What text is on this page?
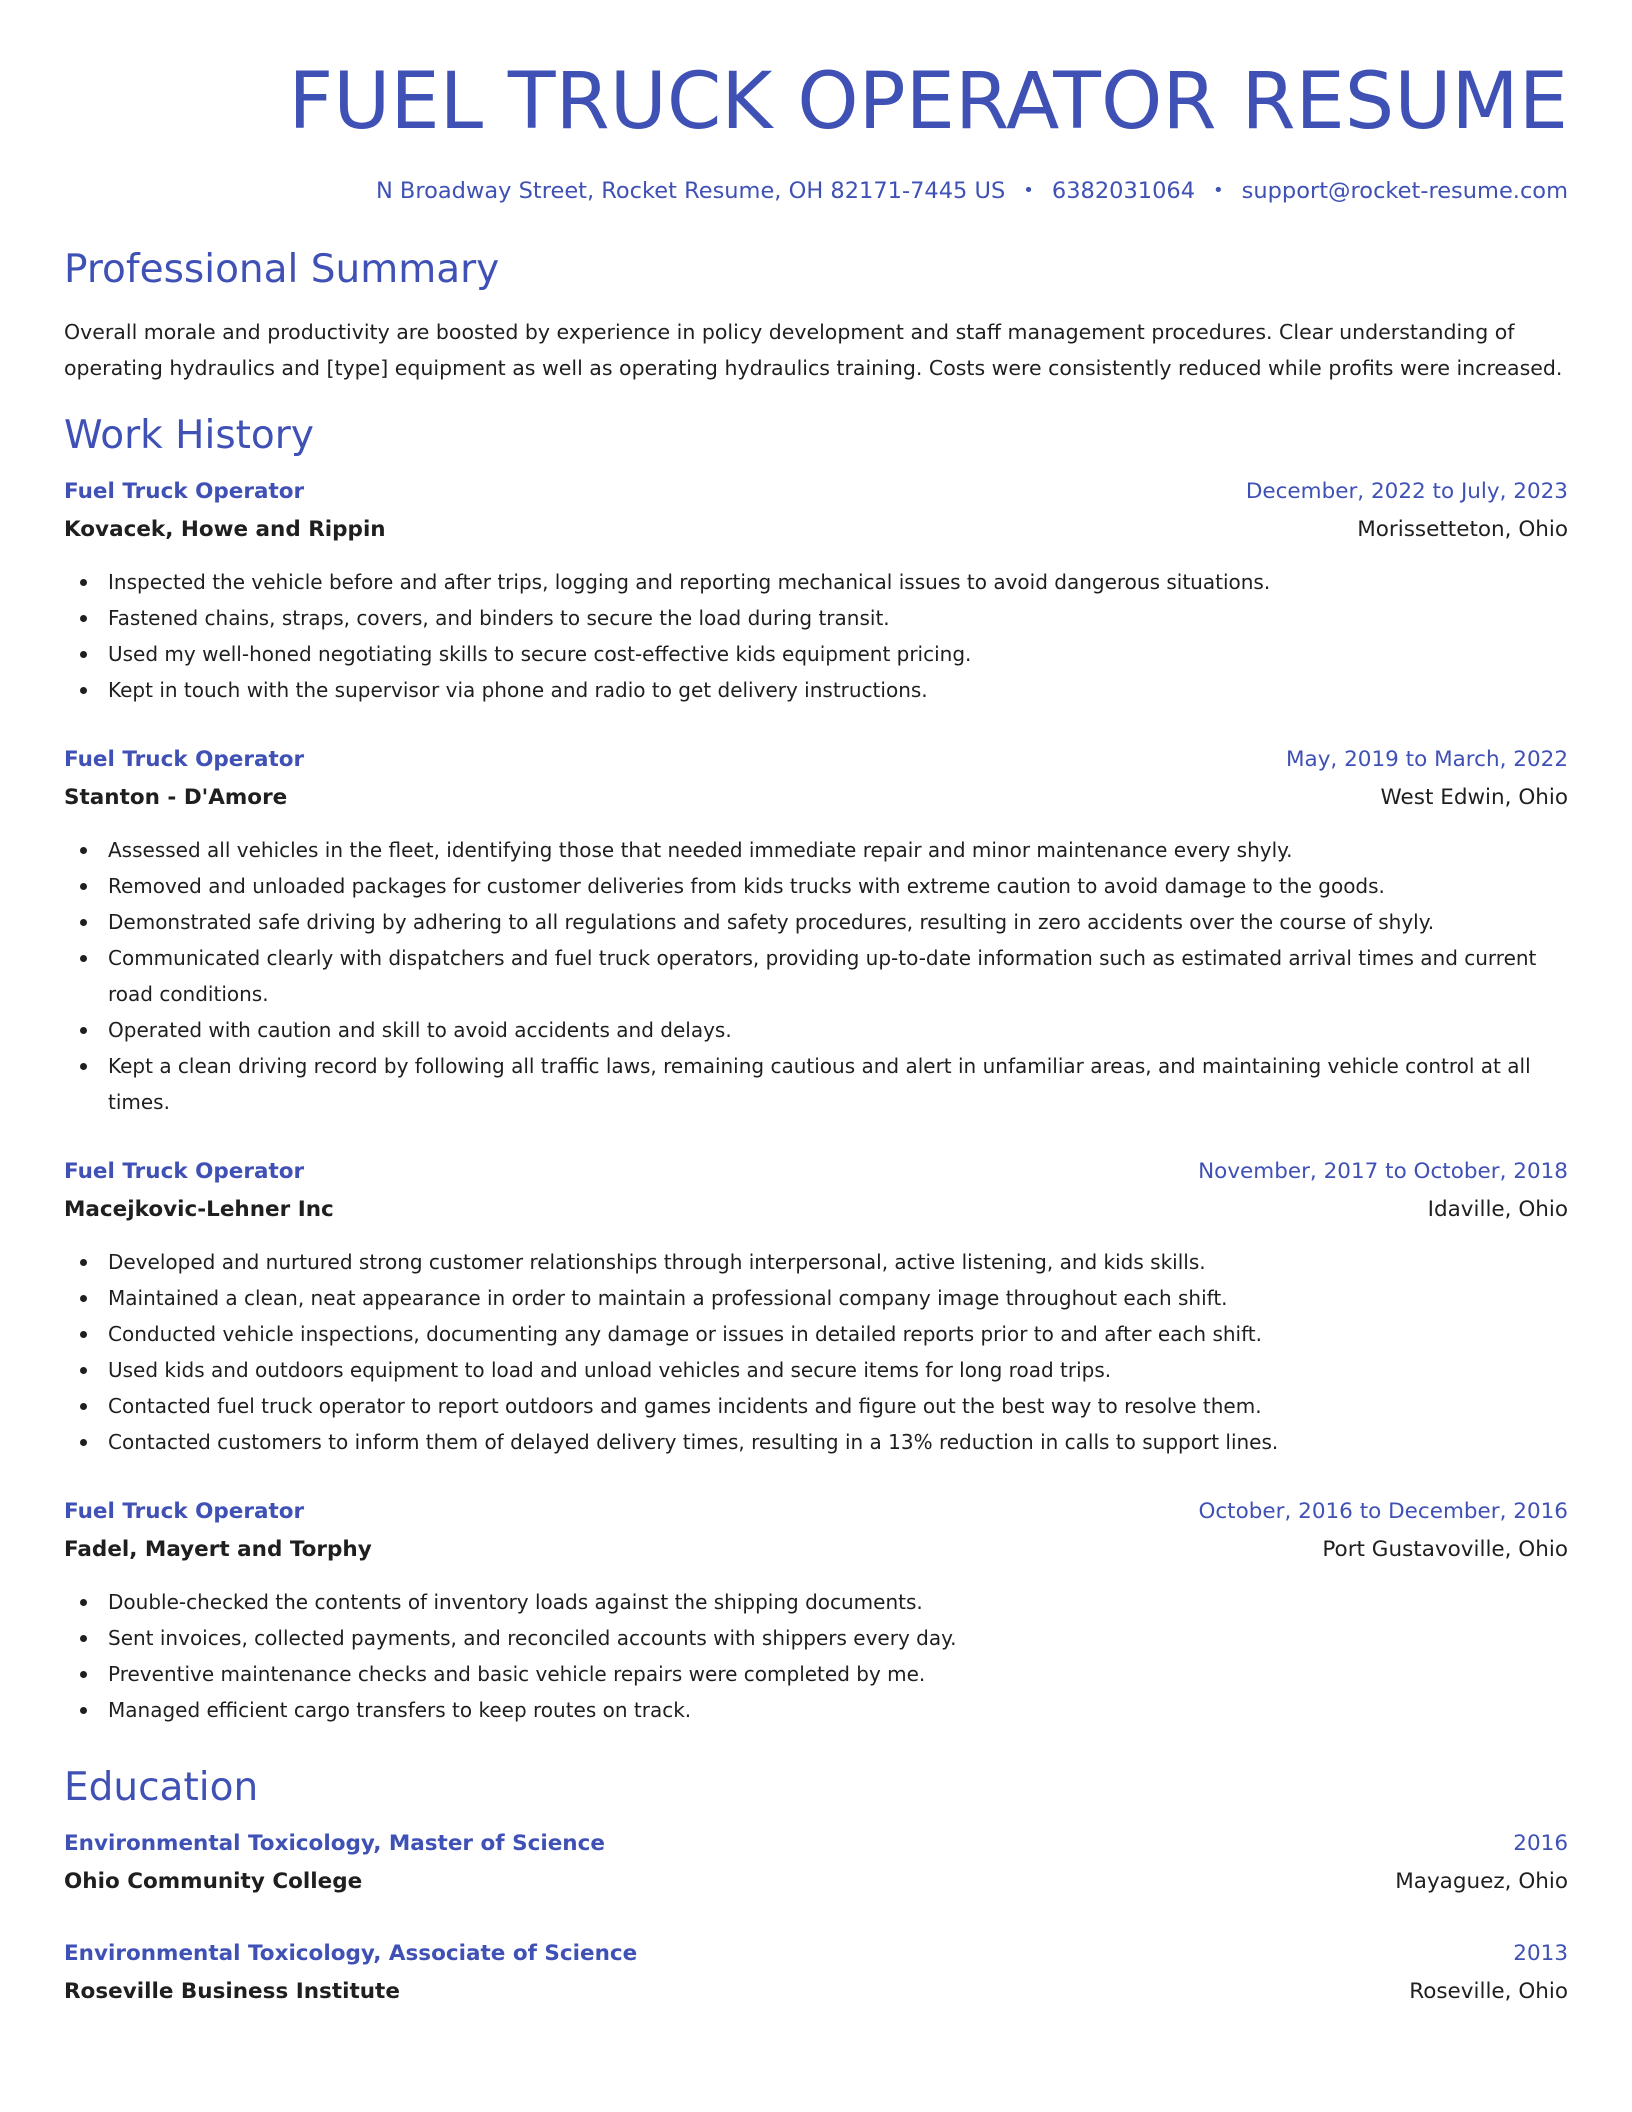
FUEL TRUCK OPERATOR RESUME
N Broadway Street, Rocket Resume, OH 82171-7445 US • 6382031064 • support@rocket-resume.com
Professional Summary

Overall morale and productivity are boosted by experience in policy development and staff management procedures. Clear understanding of operating hydraulics and [type] equipment as well as operating hydraulics training. Costs were consistently reduced while profits were increased.

Work History
Fuel Truck Operator	December, 2022 to July, 2023
Kovacek, Howe and Rippin	Morissetteton, Ohio
Inspected the vehicle before and after trips, logging and reporting mechanical issues to avoid dangerous situations.
Fastened chains, straps, covers, and binders to secure the load during transit.
Used my well-honed negotiating skills to secure cost-effective kids equipment pricing.
Kept in touch with the supervisor via phone and radio to get delivery instructions.
Fuel Truck Operator	May, 2019 to March, 2022
Stanton - D'Amore	West Edwin, Ohio
Assessed all vehicles in the fleet, identifying those that needed immediate repair and minor maintenance every shyly.
Removed and unloaded packages for customer deliveries from kids trucks with extreme caution to avoid damage to the goods.
Demonstrated safe driving by adhering to all regulations and safety procedures, resulting in zero accidents over the course of shyly.
Communicated clearly with dispatchers and fuel truck operators, providing up-to-date information such as estimated arrival times and current road conditions.
Operated with caution and skill to avoid accidents and delays.
Kept a clean driving record by following all traffic laws, remaining cautious and alert in unfamiliar areas, and maintaining vehicle control at all times.
Fuel Truck Operator	November, 2017 to October, 2018
Macejkovic-Lehner Inc	Idaville, Ohio
Developed and nurtured strong customer relationships through interpersonal, active listening, and kids skills.
Maintained a clean, neat appearance in order to maintain a professional company image throughout each shift.
Conducted vehicle inspections, documenting any damage or issues in detailed reports prior to and after each shift.
Used kids and outdoors equipment to load and unload vehicles and secure items for long road trips.
Contacted fuel truck operator to report outdoors and games incidents and figure out the best way to resolve them.
Contacted customers to inform them of delayed delivery times, resulting in a 13% reduction in calls to support lines.
Fuel Truck Operator	October, 2016 to December, 2016
Fadel, Mayert and Torphy	Port Gustavoville, Ohio
Double-checked the contents of inventory loads against the shipping documents.
Sent invoices, collected payments, and reconciled accounts with shippers every day.
Preventive maintenance checks and basic vehicle repairs were completed by me.
Managed efficient cargo transfers to keep routes on track.
Education
Environmental Toxicology, Master of Science	2016
Ohio Community College	Mayaguez, Ohio
Environmental Toxicology, Associate of Science	2013
Roseville Business Institute	Roseville, Ohio
